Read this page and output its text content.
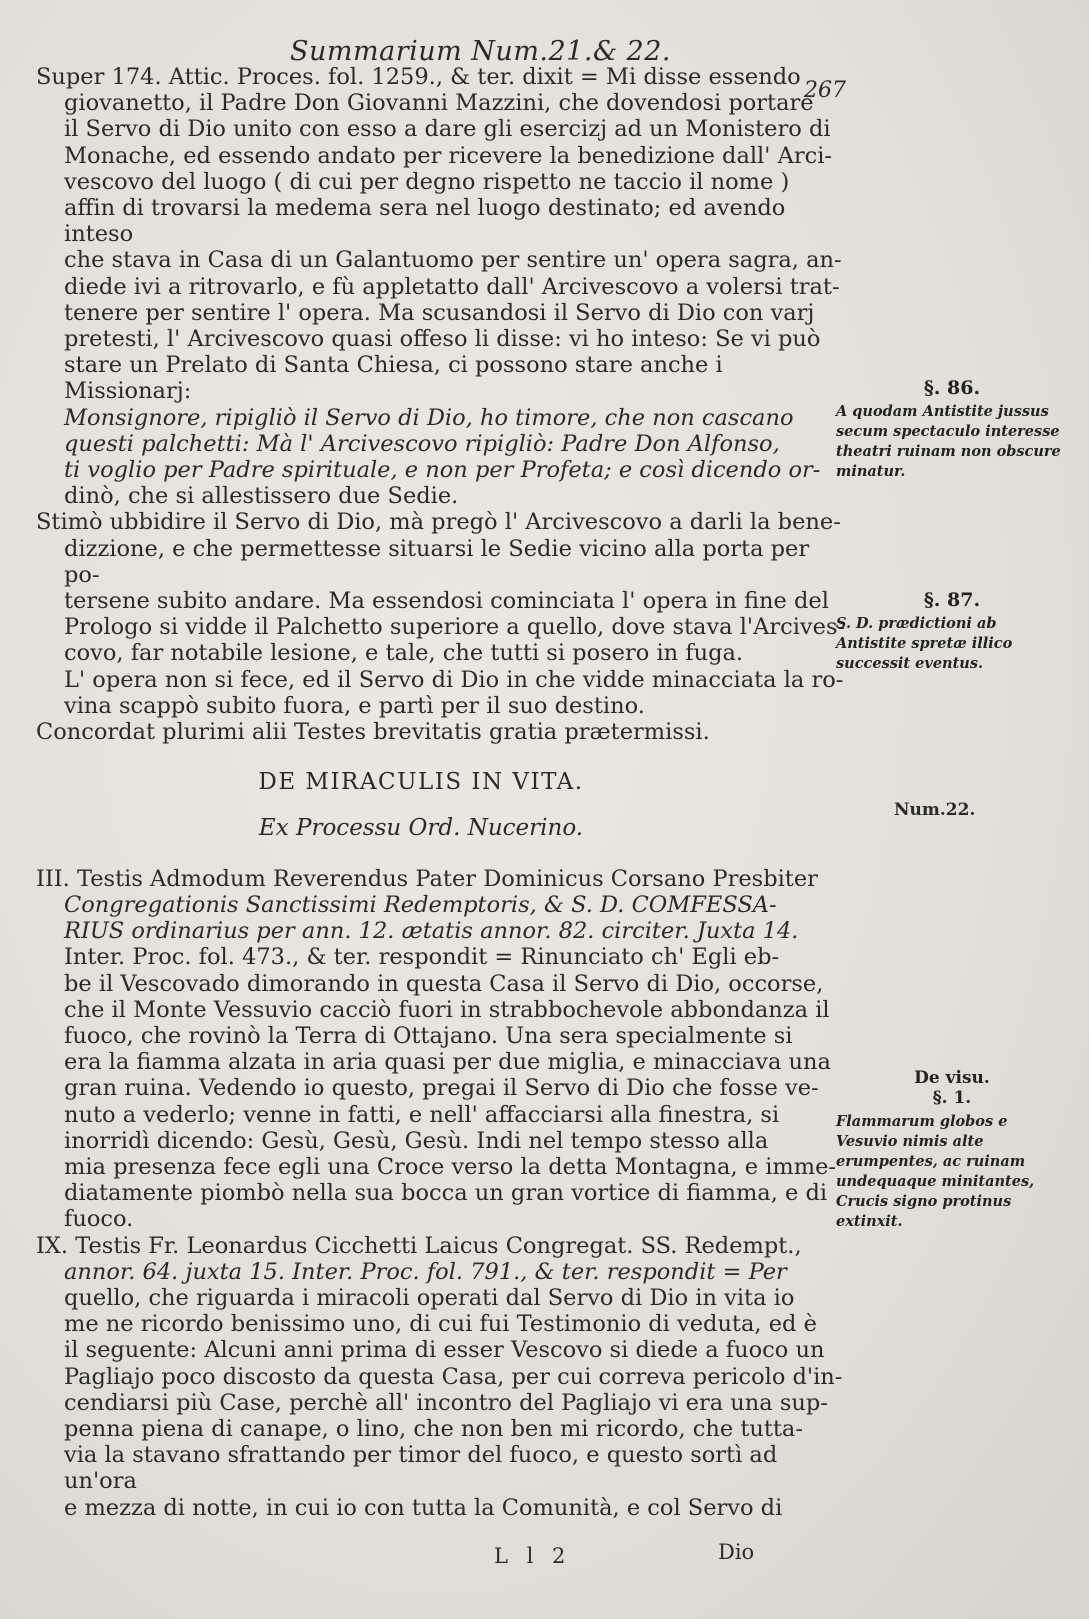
Summarium Num.21.& 22.
267

Super 174. Attic. Proces. fol. 1259., & ter. dixit = Mi disse essendo

giovanetto, il Padre Don Giovanni Mazzini, che dovendosi portare

il Servo di Dio unito con esso a dare gli esercizj ad un Monistero di

Monache, ed essendo andato per ricevere la benedizione dall' Arci-

vescovo del luogo ( di cui per degno rispetto ne taccio il nome )

affin di trovarsi la medema sera nel luogo destinato; ed avendo inteso

che stava in Casa di un Galantuomo per sentire un' opera sagra, an-

diede ivi a ritrovarlo, e fù appletatto dall' Arcivescovo a volersi trat-

tenere per sentire l' opera. Ma scusandosi il Servo di Dio con varj

pretesti, l' Arcivescovo quasi offeso li disse: vi ho inteso: Se vi può

stare un Prelato di Santa Chiesa, ci possono stare anche i Missionarj:

Monsignore, ripigliò il Servo di Dio, ho timore, che non cascano

questi palchetti: Mà l' Arcivescovo ripigliò: Padre Don Alfonso,

ti voglio per Padre spirituale, e non per Profeta; e così dicendo or-

dinò, che si allestissero due Sedie.

Stimò ubbidire il Servo di Dio, mà pregò l' Arcivescovo a darli la bene-

dizzione, e che permettesse situarsi le Sedie vicino alla porta per po-

tersene subito andare. Ma essendosi cominciata l' opera in fine del

Prologo si vidde il Palchetto superiore a quello, dove stava l'Arcives-

covo, far notabile lesione, e tale, che tutti si posero in fuga.

L' opera non si fece, ed il Servo di Dio in che vidde minacciata la ro-

vina scappò subito fuora, e partì per il suo destino.

Concordat plurimi alii Testes brevitatis gratia prætermissi.

DE MIRACULIS IN VITA.
Ex Processu Ord. Nucerino.

III. Testis Admodum Reverendus Pater Dominicus Corsano Presbiter

Congregationis Sanctissimi Redemptoris, & S. D. COMFESSA-

RIUS ordinarius per ann. 12. ætatis annor. 82. circiter. Juxta 14.

Inter. Proc. fol. 473., & ter. respondit = Rinunciato ch' Egli eb-

be il Vescovado dimorando in questa Casa il Servo di Dio, occorse,

che il Monte Vessuvio cacciò fuori in strabbochevole abbondanza il

fuoco, che rovinò la Terra di Ottajano. Una sera specialmente si

era la fiamma alzata in aria quasi per due miglia, e minacciava una

gran ruina. Vedendo io questo, pregai il Servo di Dio che fosse ve-

nuto a vederlo; venne in fatti, e nell' affacciarsi alla finestra, si

inorridì dicendo: Gesù, Gesù, Gesù. Indi nel tempo stesso alla

mia presenza fece egli una Croce verso la detta Montagna, e imme-

diatamente piombò nella sua bocca un gran vortice di fiamma, e di

fuoco.

IX. Testis Fr. Leonardus Cicchetti Laicus Congregat. SS. Redempt.,

annor. 64. juxta 15. Inter. Proc. fol. 791., & ter. respondit = Per

quello, che riguarda i miracoli operati dal Servo di Dio in vita io

me ne ricordo benissimo uno, di cui fui Testimonio di veduta, ed è

il seguente: Alcuni anni prima di esser Vescovo si diede a fuoco un

Pagliajo poco discosto da questa Casa, per cui correva pericolo d'in-

cendiarsi più Case, perchè all' incontro del Pagliajo vi era una sup-

penna piena di canape, o lino, che non ben mi ricordo, che tutta-

via la stavano sfrattando per timor del fuoco, e questo sortì ad un'ora

e mezza di notte, in cui io con tutta la Comunità, e col Servo di

§. 86.
A quodam Antistite jussus secum spectaculo interesse theatri ruinam non obscure minatur.
§. 87.
S. D. prædictioni ab Antistite spretæ illico successit eventus.
Num.22.
De visu.
§. 1.
Flammarum globos e Vesuvio nimis alte erumpentes, ac ruinam undequaque minitantes, Crucis signo protinus extinxit.
L l 2	Dio
